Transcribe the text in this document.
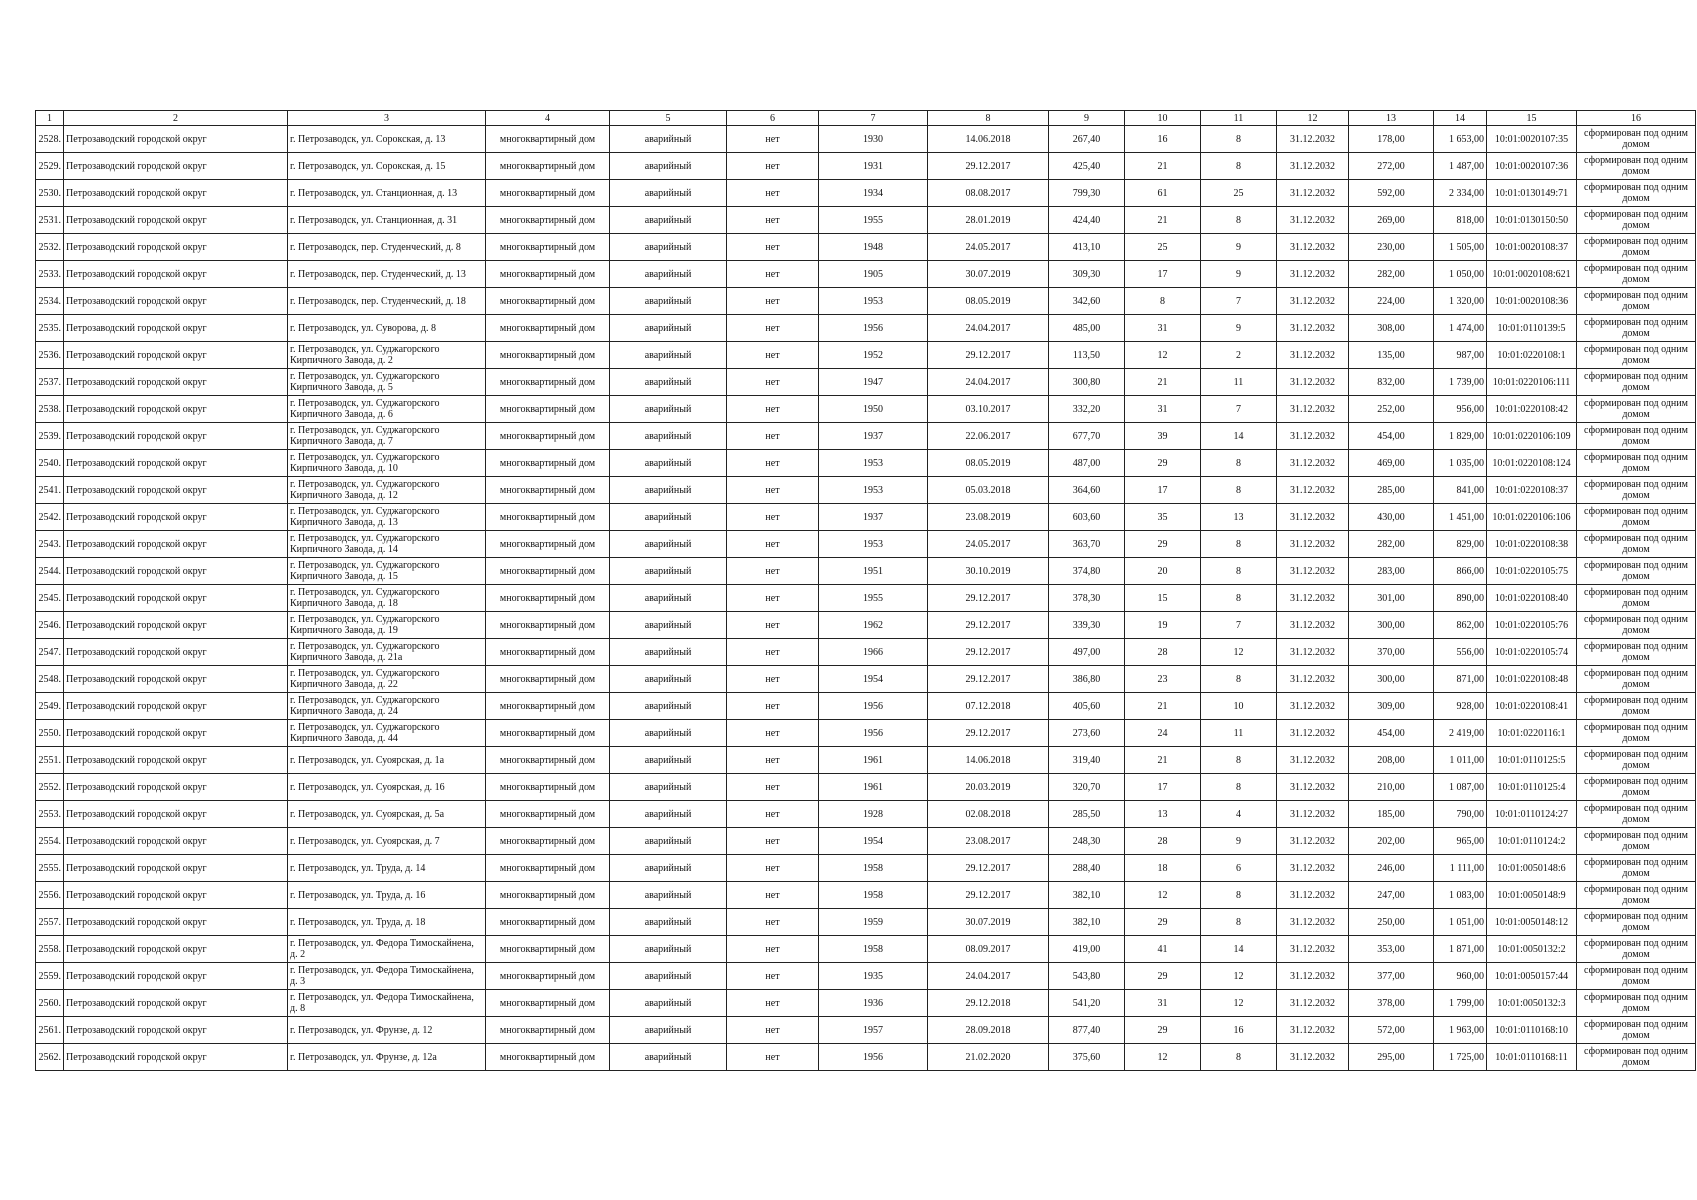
1	2	3	4	5	6	7	8	9	10	11	12	13	14	15	16
2528.	Петрозаводский городской округ	г. Петрозаводск, ул. Сорокская, д. 13	многоквартирный дом	аварийный	нет	1930	14.06.2018	267,40	16	8	31.12.2032	178,00	1 653,00	10:01:0020107:35	сформирован под одним домом
2529.	Петрозаводский городской округ	г. Петрозаводск, ул. Сорокская, д. 15	многоквартирный дом	аварийный	нет	1931	29.12.2017	425,40	21	8	31.12.2032	272,00	1 487,00	10:01:0020107:36	сформирован под одним домом
2530.	Петрозаводский городской округ	г. Петрозаводск, ул. Станционная, д. 13	многоквартирный дом	аварийный	нет	1934	08.08.2017	799,30	61	25	31.12.2032	592,00	2 334,00	10:01:0130149:71	сформирован под одним домом
2531.	Петрозаводский городской округ	г. Петрозаводск, ул. Станционная, д. 31	многоквартирный дом	аварийный	нет	1955	28.01.2019	424,40	21	8	31.12.2032	269,00	818,00	10:01:0130150:50	сформирован под одним домом
2532.	Петрозаводский городской округ	г. Петрозаводск, пер. Студенческий, д. 8	многоквартирный дом	аварийный	нет	1948	24.05.2017	413,10	25	9	31.12.2032	230,00	1 505,00	10:01:0020108:37	сформирован под одним домом
2533.	Петрозаводский городской округ	г. Петрозаводск, пер. Студенческий, д. 13	многоквартирный дом	аварийный	нет	1905	30.07.2019	309,30	17	9	31.12.2032	282,00	1 050,00	10:01:0020108:621	сформирован под одним домом
2534.	Петрозаводский городской округ	г. Петрозаводск, пер. Студенческий, д. 18	многоквартирный дом	аварийный	нет	1953	08.05.2019	342,60	8	7	31.12.2032	224,00	1 320,00	10:01:0020108:36	сформирован под одним домом
2535.	Петрозаводский городской округ	г. Петрозаводск, ул. Суворова, д. 8	многоквартирный дом	аварийный	нет	1956	24.04.2017	485,00	31	9	31.12.2032	308,00	1 474,00	10:01:0110139:5	сформирован под одним домом
2536.	Петрозаводский городской округ	г. Петрозаводск, ул. Суджагорского Кирпичного Завода, д. 2	многоквартирный дом	аварийный	нет	1952	29.12.2017	113,50	12	2	31.12.2032	135,00	987,00	10:01:0220108:1	сформирован под одним домом
2537.	Петрозаводский городской округ	г. Петрозаводск, ул. Суджагорского Кирпичного Завода, д. 5	многоквартирный дом	аварийный	нет	1947	24.04.2017	300,80	21	11	31.12.2032	832,00	1 739,00	10:01:0220106:111	сформирован под одним домом
2538.	Петрозаводский городской округ	г. Петрозаводск, ул. Суджагорского Кирпичного Завода, д. 6	многоквартирный дом	аварийный	нет	1950	03.10.2017	332,20	31	7	31.12.2032	252,00	956,00	10:01:0220108:42	сформирован под одним домом
2539.	Петрозаводский городской округ	г. Петрозаводск, ул. Суджагорского Кирпичного Завода, д. 7	многоквартирный дом	аварийный	нет	1937	22.06.2017	677,70	39	14	31.12.2032	454,00	1 829,00	10:01:0220106:109	сформирован под одним домом
2540.	Петрозаводский городской округ	г. Петрозаводск, ул. Суджагорского Кирпичного Завода, д. 10	многоквартирный дом	аварийный	нет	1953	08.05.2019	487,00	29	8	31.12.2032	469,00	1 035,00	10:01:0220108:124	сформирован под одним домом
2541.	Петрозаводский городской округ	г. Петрозаводск, ул. Суджагорского Кирпичного Завода, д. 12	многоквартирный дом	аварийный	нет	1953	05.03.2018	364,60	17	8	31.12.2032	285,00	841,00	10:01:0220108:37	сформирован под одним домом
2542.	Петрозаводский городской округ	г. Петрозаводск, ул. Суджагорского Кирпичного Завода, д. 13	многоквартирный дом	аварийный	нет	1937	23.08.2019	603,60	35	13	31.12.2032	430,00	1 451,00	10:01:0220106:106	сформирован под одним домом
2543.	Петрозаводский городской округ	г. Петрозаводск, ул. Суджагорского Кирпичного Завода, д. 14	многоквартирный дом	аварийный	нет	1953	24.05.2017	363,70	29	8	31.12.2032	282,00	829,00	10:01:0220108:38	сформирован под одним домом
2544.	Петрозаводский городской округ	г. Петрозаводск, ул. Суджагорского Кирпичного Завода, д. 15	многоквартирный дом	аварийный	нет	1951	30.10.2019	374,80	20	8	31.12.2032	283,00	866,00	10:01:0220105:75	сформирован под одним домом
2545.	Петрозаводский городской округ	г. Петрозаводск, ул. Суджагорского Кирпичного Завода, д. 18	многоквартирный дом	аварийный	нет	1955	29.12.2017	378,30	15	8	31.12.2032	301,00	890,00	10:01:0220108:40	сформирован под одним домом
2546.	Петрозаводский городской округ	г. Петрозаводск, ул. Суджагорского Кирпичного Завода, д. 19	многоквартирный дом	аварийный	нет	1962	29.12.2017	339,30	19	7	31.12.2032	300,00	862,00	10:01:0220105:76	сформирован под одним домом
2547.	Петрозаводский городской округ	г. Петрозаводск, ул. Суджагорского Кирпичного Завода, д. 21а	многоквартирный дом	аварийный	нет	1966	29.12.2017	497,00	28	12	31.12.2032	370,00	556,00	10:01:0220105:74	сформирован под одним домом
2548.	Петрозаводский городской округ	г. Петрозаводск, ул. Суджагорского Кирпичного Завода, д. 22	многоквартирный дом	аварийный	нет	1954	29.12.2017	386,80	23	8	31.12.2032	300,00	871,00	10:01:0220108:48	сформирован под одним домом
2549.	Петрозаводский городской округ	г. Петрозаводск, ул. Суджагорского Кирпичного Завода, д. 24	многоквартирный дом	аварийный	нет	1956	07.12.2018	405,60	21	10	31.12.2032	309,00	928,00	10:01:0220108:41	сформирован под одним домом
2550.	Петрозаводский городской округ	г. Петрозаводск, ул. Суджагорского Кирпичного Завода, д. 44	многоквартирный дом	аварийный	нет	1956	29.12.2017	273,60	24	11	31.12.2032	454,00	2 419,00	10:01:0220116:1	сформирован под одним домом
2551.	Петрозаводский городской округ	г. Петрозаводск, ул. Суоярская, д. 1а	многоквартирный дом	аварийный	нет	1961	14.06.2018	319,40	21	8	31.12.2032	208,00	1 011,00	10:01:0110125:5	сформирован под одним домом
2552.	Петрозаводский городской округ	г. Петрозаводск, ул. Суоярская, д. 16	многоквартирный дом	аварийный	нет	1961	20.03.2019	320,70	17	8	31.12.2032	210,00	1 087,00	10:01:0110125:4	сформирован под одним домом
2553.	Петрозаводский городской округ	г. Петрозаводск, ул. Суоярская, д. 5а	многоквартирный дом	аварийный	нет	1928	02.08.2018	285,50	13	4	31.12.2032	185,00	790,00	10:01:0110124:27	сформирован под одним домом
2554.	Петрозаводский городской округ	г. Петрозаводск, ул. Суоярская, д. 7	многоквартирный дом	аварийный	нет	1954	23.08.2017	248,30	28	9	31.12.2032	202,00	965,00	10:01:0110124:2	сформирован под одним домом
2555.	Петрозаводский городской округ	г. Петрозаводск, ул. Труда, д. 14	многоквартирный дом	аварийный	нет	1958	29.12.2017	288,40	18	6	31.12.2032	246,00	1 111,00	10:01:0050148:6	сформирован под одним домом
2556.	Петрозаводский городской округ	г. Петрозаводск, ул. Труда, д. 16	многоквартирный дом	аварийный	нет	1958	29.12.2017	382,10	12	8	31.12.2032	247,00	1 083,00	10:01:0050148:9	сформирован под одним домом
2557.	Петрозаводский городской округ	г. Петрозаводск, ул. Труда, д. 18	многоквартирный дом	аварийный	нет	1959	30.07.2019	382,10	29	8	31.12.2032	250,00	1 051,00	10:01:0050148:12	сформирован под одним домом
2558.	Петрозаводский городской округ	г. Петрозаводск, ул. Федора Тимоскайнена, д. 2	многоквартирный дом	аварийный	нет	1958	08.09.2017	419,00	41	14	31.12.2032	353,00	1 871,00	10:01:0050132:2	сформирован под одним домом
2559.	Петрозаводский городской округ	г. Петрозаводск, ул. Федора Тимоскайнена, д. 3	многоквартирный дом	аварийный	нет	1935	24.04.2017	543,80	29	12	31.12.2032	377,00	960,00	10:01:0050157:44	сформирован под одним домом
2560.	Петрозаводский городской округ	г. Петрозаводск, ул. Федора Тимоскайнена, д. 8	многоквартирный дом	аварийный	нет	1936	29.12.2018	541,20	31	12	31.12.2032	378,00	1 799,00	10:01:0050132:3	сформирован под одним домом
2561.	Петрозаводский городской округ	г. Петрозаводск, ул. Фрунзе, д. 12	многоквартирный дом	аварийный	нет	1957	28.09.2018	877,40	29	16	31.12.2032	572,00	1 963,00	10:01:0110168:10	сформирован под одним домом
2562.	Петрозаводский городской округ	г. Петрозаводск, ул. Фрунзе, д. 12а	многоквартирный дом	аварийный	нет	1956	21.02.2020	375,60	12	8	31.12.2032	295,00	1 725,00	10:01:0110168:11	сформирован под одним домом
